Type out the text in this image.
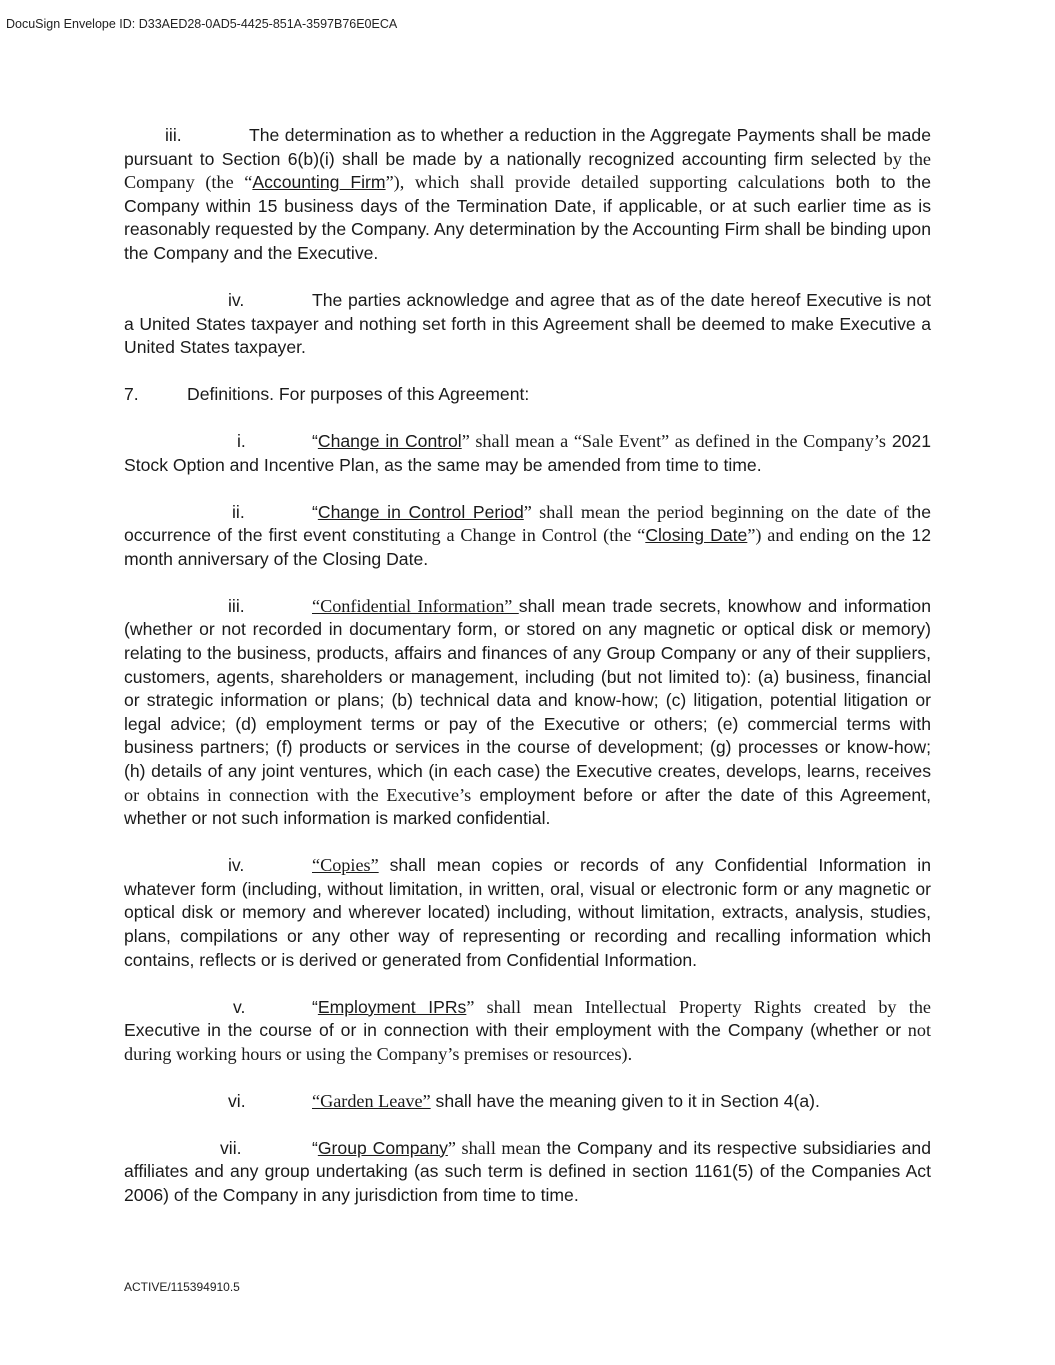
DocuSign Envelope ID: D33AED28-0AD5-4425-851A-3597B76E0ECA

iii.	The determination as to whether a reduction in the Aggregate Payments shall be made pursuant to Section 6(b)(i) shall be made by a nationally recognized accounting firm selected by the Company (the “Accounting Firm”), which shall provide detailed supporting calculations both to the Company within 15 business days of the Termination Date, if applicable, or at such earlier time as is reasonably requested by the Company. Any determination by the Accounting Firm shall be binding upon the Company and the Executive.

iv.	The parties acknowledge and agree that as of the date hereof Executive is not a United States taxpayer and nothing set forth in this Agreement shall be deemed to make Executive a United States taxpayer.

7.	Definitions. For purposes of this Agreement:

i.	“Change in Control” shall mean a “Sale Event” as defined in the Company’s 2021 Stock Option and Incentive Plan, as the same may be amended from time to time.

ii.	“Change in Control Period” shall mean the period beginning on the date of the occurrence of the first event constituting a Change in Control (the “Closing Date”) and ending on the 12 month anniversary of the Closing Date.

iii.	“Confidential Information” shall mean trade secrets, knowhow and information (whether or not recorded in documentary form, or stored on any magnetic or optical disk or memory) relating to the business, products, affairs and finances of any Group Company or any of their suppliers, customers, agents, shareholders or management, including (but not limited to): (a) business, financial or strategic information or plans; (b) technical data and know-how; (c) litigation, potential litigation or legal advice; (d) employment terms or pay of the Executive or others; (e) commercial terms with business partners; (f) products or services in the course of development; (g) processes or know-how; (h) details of any joint ventures, which (in each case) the Executive creates, develops, learns, receives or obtains in connection with the Executive’s employment before or after the date of this Agreement, whether or not such information is marked confidential.

iv.	“Copies” shall mean copies or records of any Confidential Information in whatever form (including, without limitation, in written, oral, visual or electronic form or any magnetic or optical disk or memory and wherever located) including, without limitation, extracts, analysis, studies, plans, compilations or any other way of representing or recording and recalling information which contains, reflects or is derived or generated from Confidential Information.

v.	“Employment IPRs” shall mean Intellectual Property Rights created by the Executive in the course of or in connection with their employment with the Company (whether or not during working hours or using the Company’s premises or resources).

vi.	“Garden Leave” shall have the meaning given to it in Section 4(a).

vii.	“Group Company” shall mean the Company and its respective subsidiaries and affiliates and any group undertaking (as such term is defined in section 1161(5) of the Companies Act 2006) of the Company in any jurisdiction from time to time.

ACTIVE/115394910.5
